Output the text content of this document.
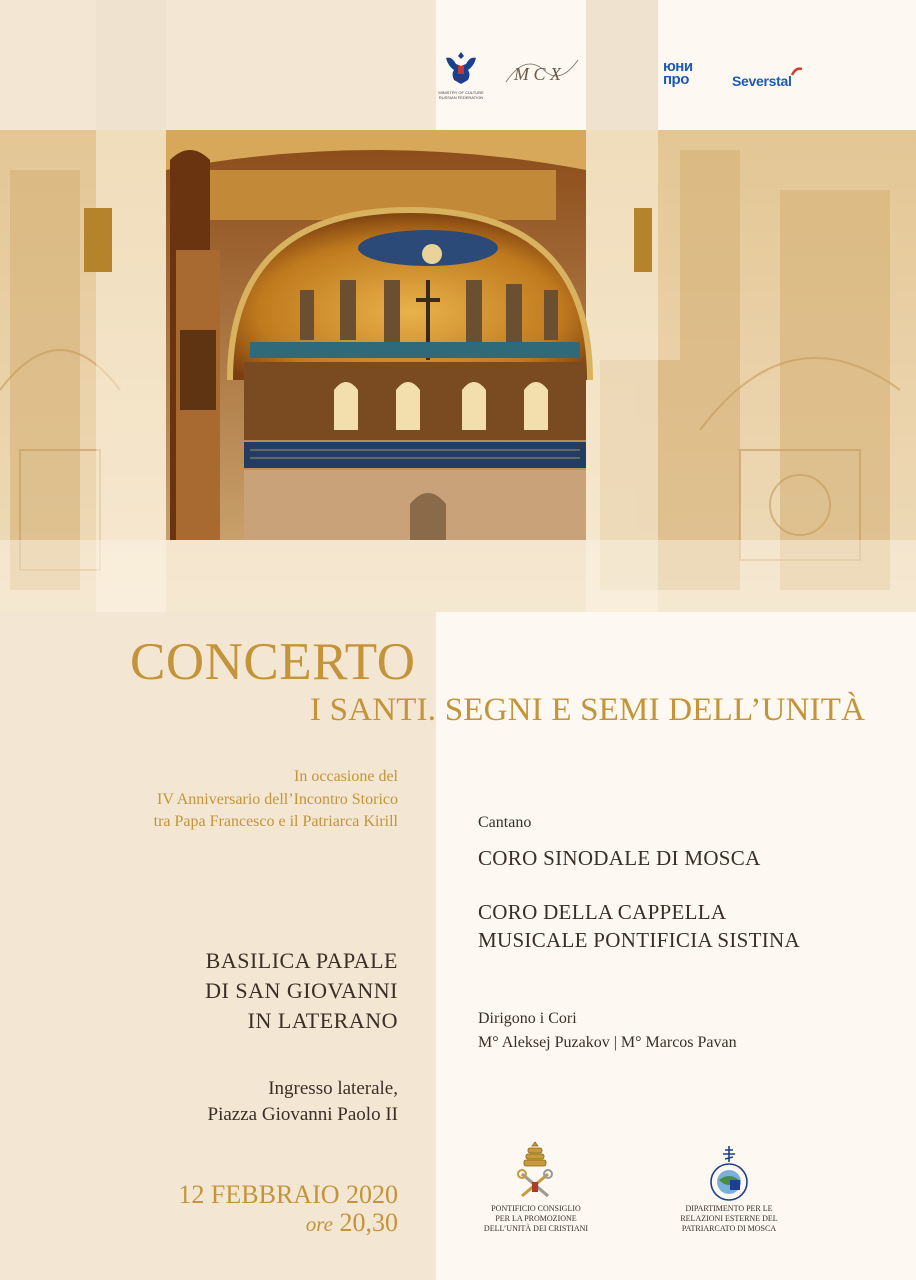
MINISTRY OF CULTURE RUSSIAN FEDERATION
M C X	юни
про	Severstal
CONCERTO
I SANTI. SEGNI E SEMI DELL’UNITÀ
In occasione del
IV Anniversario dell’Incontro Storico
tra Papa Francesco e il Patriarca Kirill
BASILICA PAPALE
DI SAN GIOVANNI
IN LATERANO
Ingresso laterale,
Piazza Giovanni Paolo II
12 FEBBRAIO 2020
ore 20,30
Cantano
CORO SINODALE DI MOSCA
CORO DELLA CAPPELLA
MUSICALE PONTIFICIA SISTINA
Dirigono i Cori
M° Aleksej Puzakov | M° Marcos Pavan
PONTIFICIO CONSIGLIO
PER LA PROMOZIONE
DELL’UNITÀ DEI CRISTIANI
DIPARTIMENTO PER LE
RELAZIONI ESTERNE DEL
PATRIARCATO DI MOSCA
